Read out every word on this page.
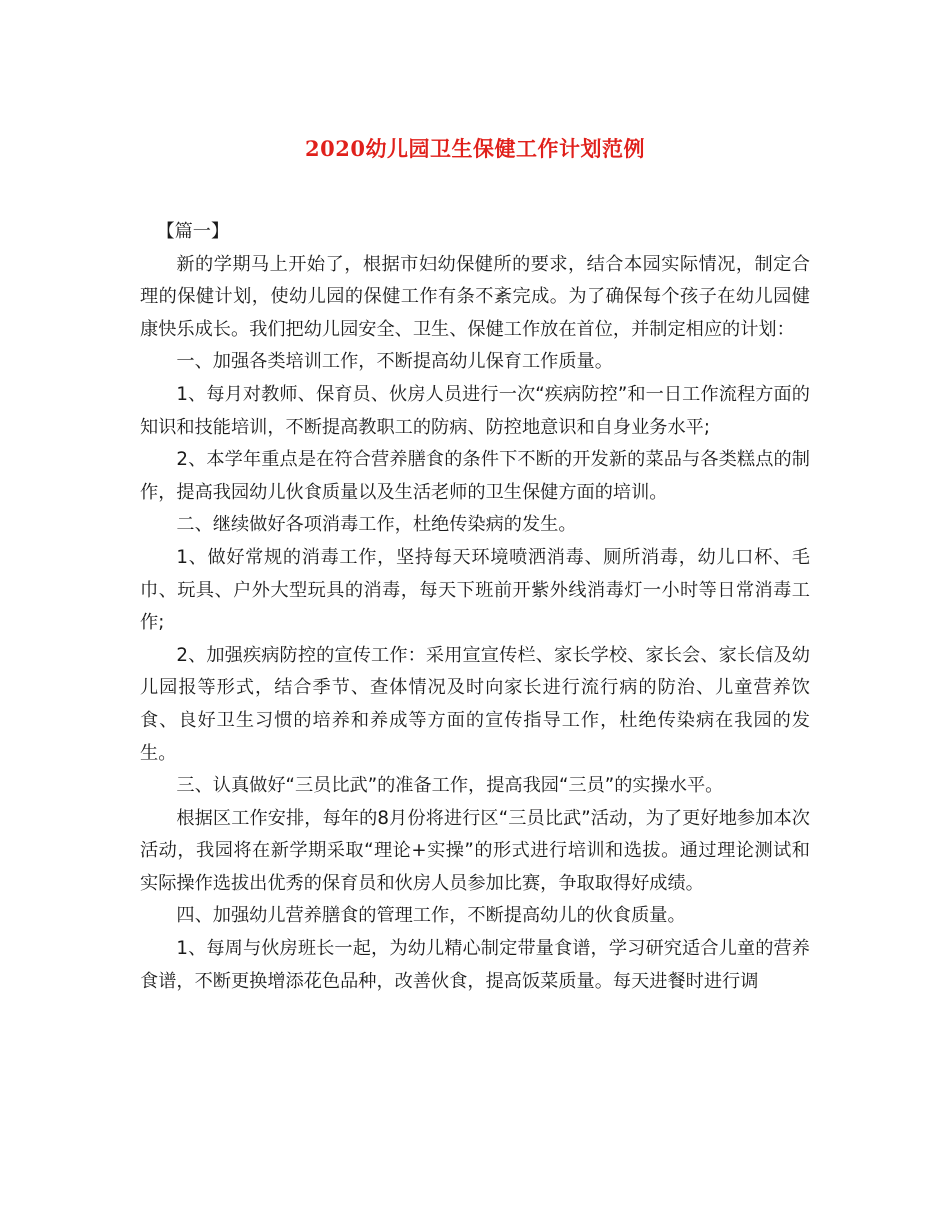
2020幼儿园卫生保健工作计划范例

【篇一】

新的学期马上开始了，根据市妇幼保健所的要求，结合本园实际情况，制定合理的保健计划，使幼儿园的保健工作有条不紊完成。为了确保每个孩子在幼儿园健康快乐成长。我们把幼儿园安全、卫生、保健工作放在首位，并制定相应的计划：

一、加强各类培训工作，不断提高幼儿保育工作质量。

1、每月对教师、保育员、伙房人员进行一次“疾病防控”和一日工作流程方面的知识和技能培训，不断提高教职工的防病、防控地意识和自身业务水平;

2、本学年重点是在符合营养膳食的条件下不断的开发新的菜品与各类糕点的制作，提高我园幼儿伙食质量以及生活老师的卫生保健方面的培训。

二、继续做好各项消毒工作，杜绝传染病的发生。

1、做好常规的消毒工作，坚持每天环境喷洒消毒、厕所消毒，幼儿口杯、毛巾、玩具、户外大型玩具的消毒，每天下班前开紫外线消毒灯一小时等日常消毒工作;

2、加强疾病防控的宣传工作：采用宣宣传栏、家长学校、家长会、家长信及幼儿园报等形式，结合季节、查体情况及时向家长进行流行病的防治、儿童营养饮食、良好卫生习惯的培养和养成等方面的宣传指导工作，杜绝传染病在我园的发生。

三、认真做好“三员比武”的准备工作，提高我园“三员”的实操水平。

根据区工作安排，每年的8月份将进行区“三员比武”活动，为了更好地参加本次活动，我园将在新学期采取“理论+实操”的形式进行培训和选拔。通过理论测试和实际操作选拔出优秀的保育员和伙房人员参加比赛，争取取得好成绩。

四、加强幼儿营养膳食的管理工作，不断提高幼儿的伙食质量。

1、每周与伙房班长一起，为幼儿精心制定带量食谱，学习研究适合儿童的营养食谱，不断更换增添花色品种，改善伙食，提高饭菜质量。每天进餐时进行调
